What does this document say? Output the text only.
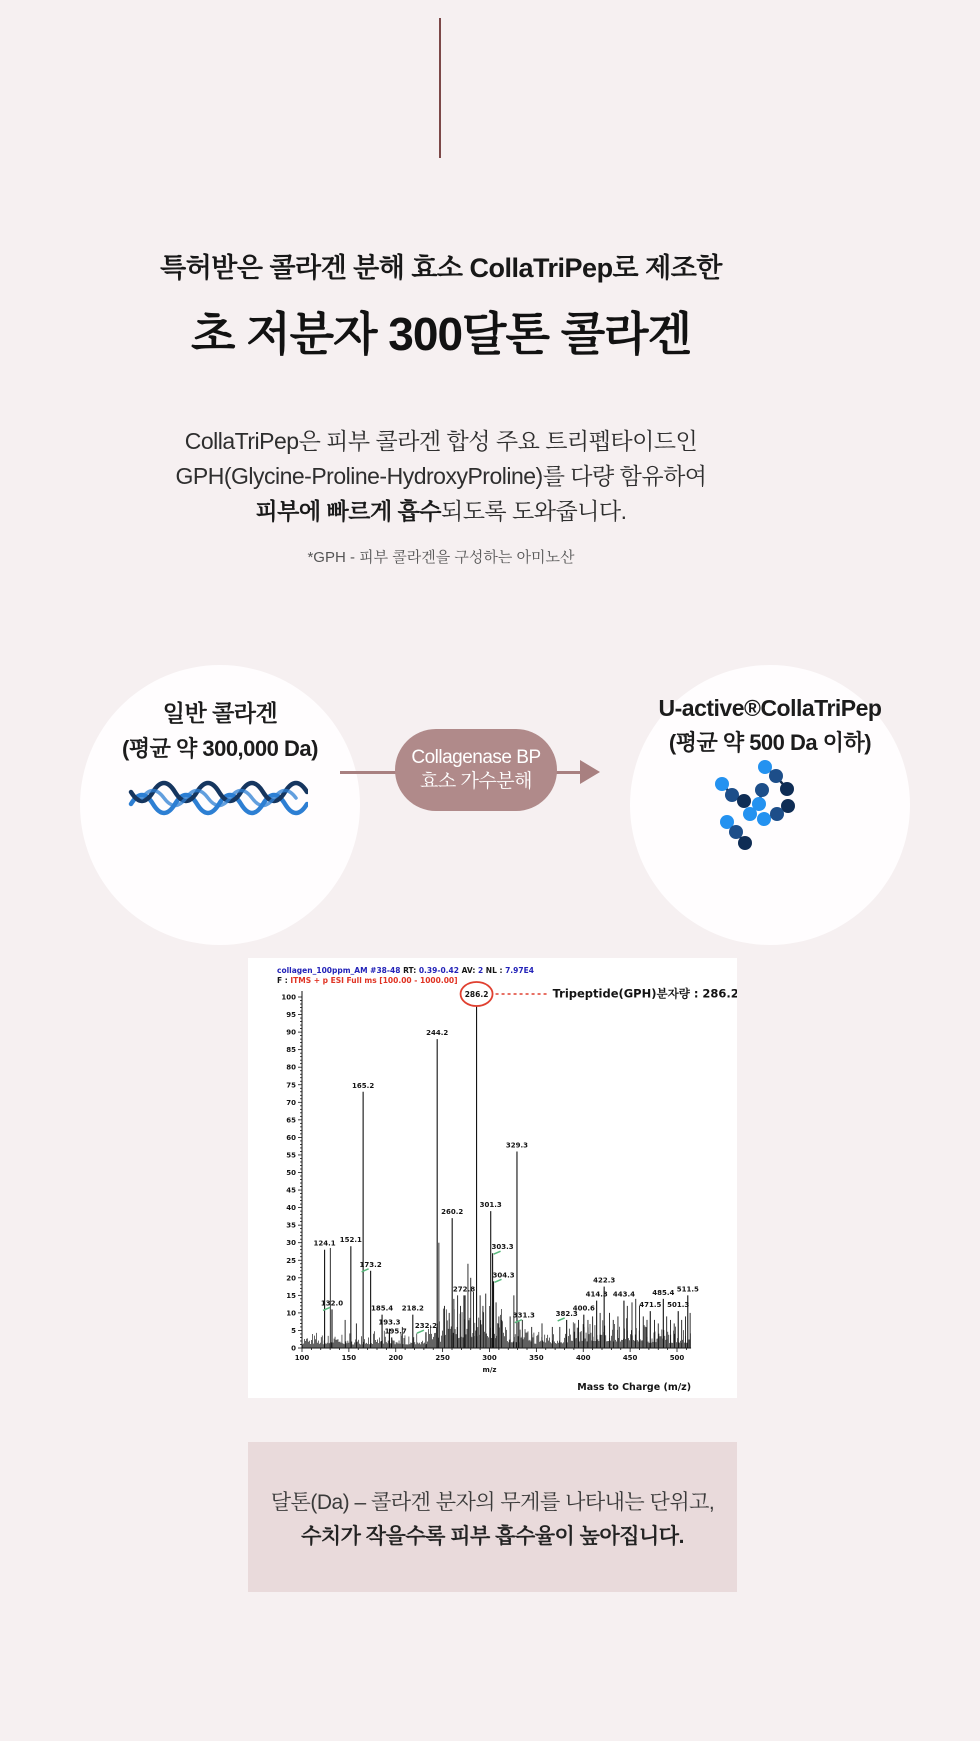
특허받은 콜라겐 분해 효소 CollaTriPep로 제조한
초 저분자 300달톤 콜라겐
CollaTriPep은 피부 콜라겐 합성 주요 트리펩타이드인
GPH(Glycine-Proline-HydroxyProline)를 다량 함유하여
피부에 빠르게 흡수되도록 도와줍니다.
*GPH - 피부 콜라겐을 구성하는 아미노산
일반 콜라겐
(평균 약 300,000 Da)	Collagenase BP
효소 가수분해
U-active®CollaTriPep
(평균 약 500 Da 이하)
collagen_100ppm_AM #38-48 RT: 0.39-0.42 AV: 2 NL : 7.97E4
F : ITMS + p ESI Full ms [100.00 - 1000.00]
0
5
10
15
20
25
30
35
40
45
50
55
60
65
70
75
80
85
90
95
100
100	150	200	250	300	350	400	450	500
m/z
Mass to Charge (m/z)
124.1
132.0
152.1
165.2
173.2
185.4
193.3
195.7
218.2
232.2
244.2
260.2
272.8
286.2	Tripeptide(GPH)분자량 : 286.2
301.3
303.3
304.3
329.3
331.3	382.3
400.6
414.3
422.3
443.4
471.5
485.4
501.3
511.5
달톤(Da) – 콜라겐 분자의 무게를 나타내는 단위고,
수치가 작을수록 피부 흡수율이 높아집니다.
